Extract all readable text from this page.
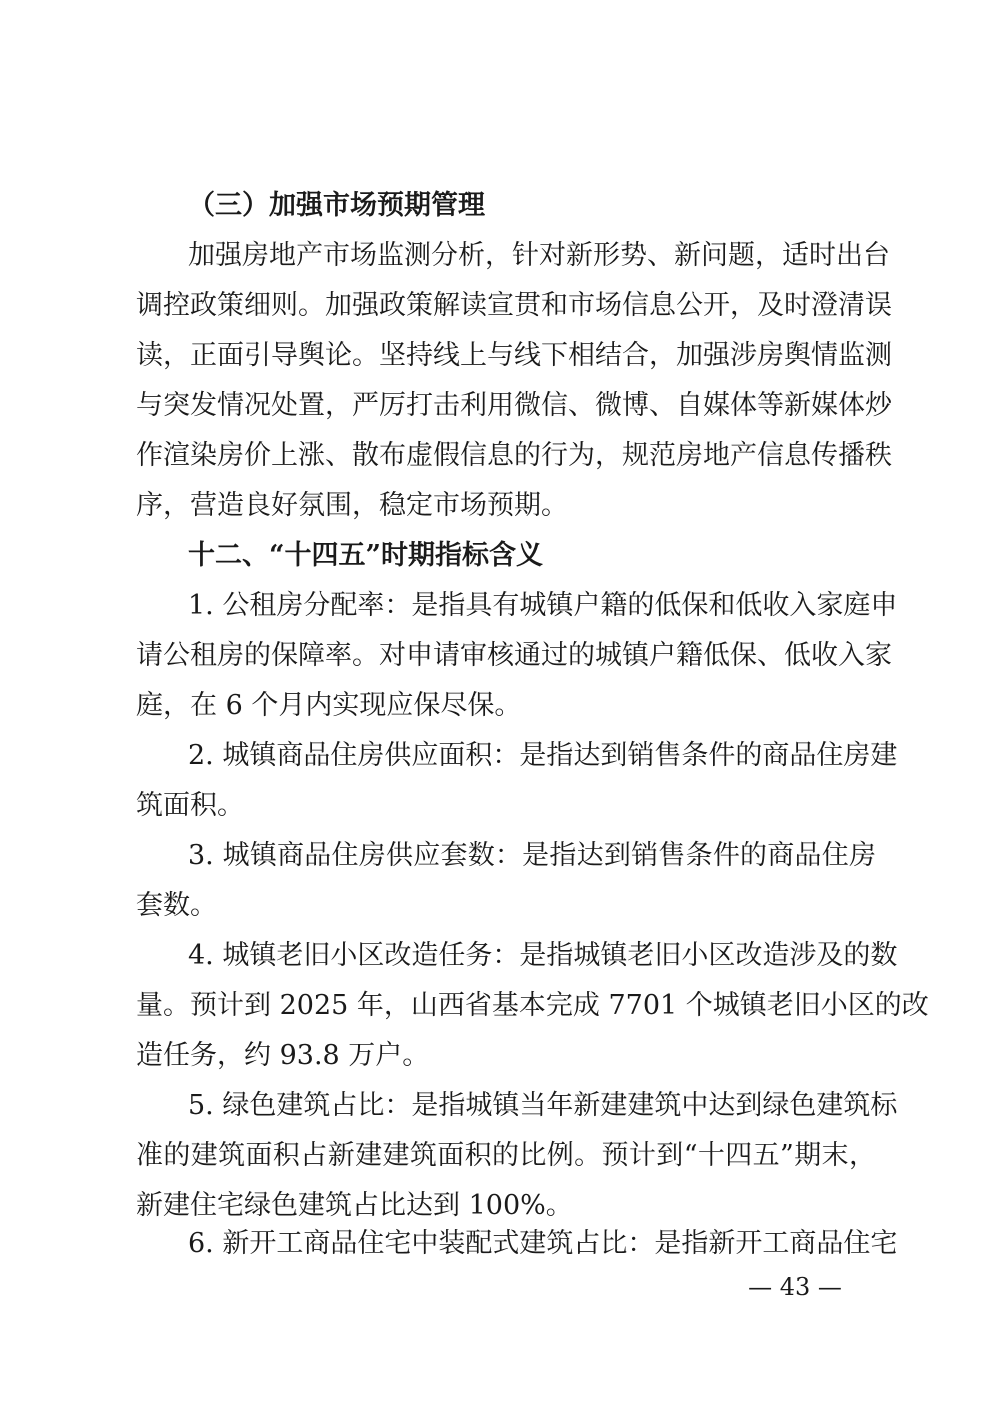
（三）加强市场预期管理
加强房地产市场监测分析，针对新形势、新问题，适时出台
调控政策细则。加强政策解读宣贯和市场信息公开，及时澄清误
读，正面引导舆论。坚持线上与线下相结合，加强涉房舆情监测
与突发情况处置，严厉打击利用微信、微博、自媒体等新媒体炒
作渲染房价上涨、散布虚假信息的行为，规范房地产信息传播秩
序，营造良好氛围，稳定市场预期。
十二、“十四五”时期指标含义
1. 公租房分配率：是指具有城镇户籍的低保和低收入家庭申
请公租房的保障率。对申请审核通过的城镇户籍低保、低收入家
庭，在 6 个月内实现应保尽保。
2. 城镇商品住房供应面积：是指达到销售条件的商品住房建
筑面积。
3. 城镇商品住房供应套数：是指达到销售条件的商品住房
套数。
4. 城镇老旧小区改造任务：是指城镇老旧小区改造涉及的数
量。预计到 2025 年，山西省基本完成 7701 个城镇老旧小区的改
造任务，约 93.8 万户。
5. 绿色建筑占比：是指城镇当年新建建筑中达到绿色建筑标
准的建筑面积占新建建筑面积的比例。预计到“十四五”期末，
新建住宅绿色建筑占比达到 100%。
6. 新开工商品住宅中装配式建筑占比：是指新开工商品住宅
— 43 —
